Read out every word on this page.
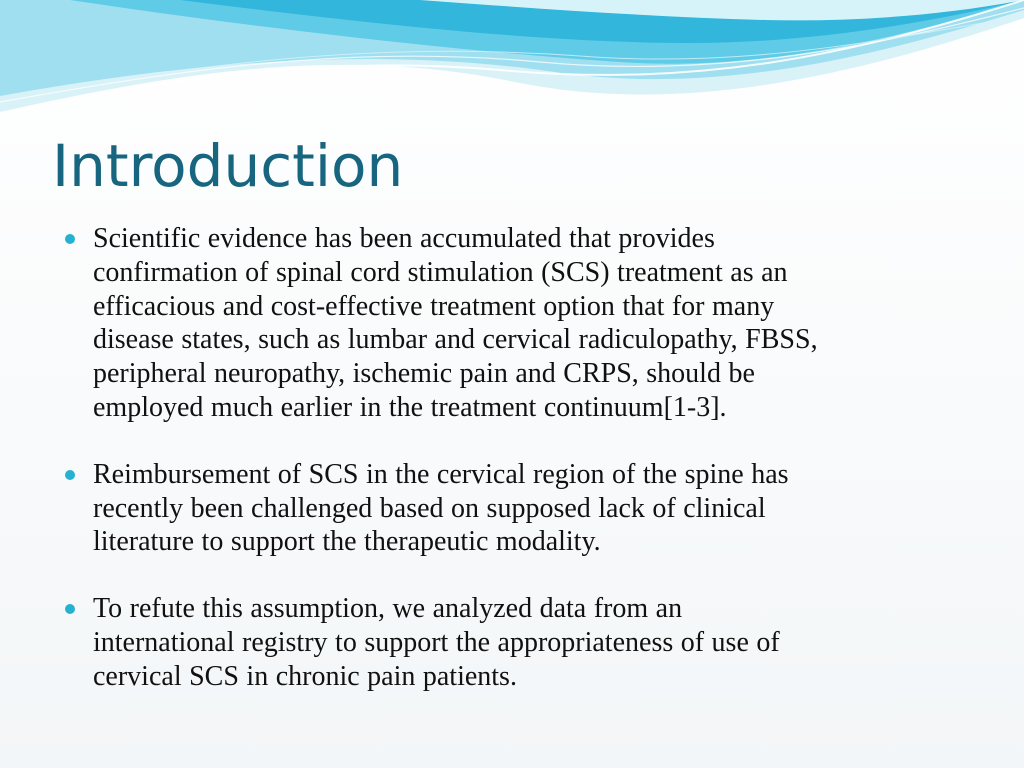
Introduction
Scientific evidence has been accumulated that provides
confirmation of spinal cord stimulation (SCS) treatment as an
efficacious and cost-effective treatment option that for many
disease states, such as lumbar and cervical radiculopathy, FBSS,
peripheral neuropathy, ischemic pain and CRPS, should be
employed much earlier in the treatment continuum[1-3].
Reimbursement of SCS in the cervical region of the spine has
recently been challenged based on supposed lack of clinical
literature to support the therapeutic modality.
To refute this assumption, we analyzed data from an
international registry to support the appropriateness of use of
cervical SCS in chronic pain patients.
